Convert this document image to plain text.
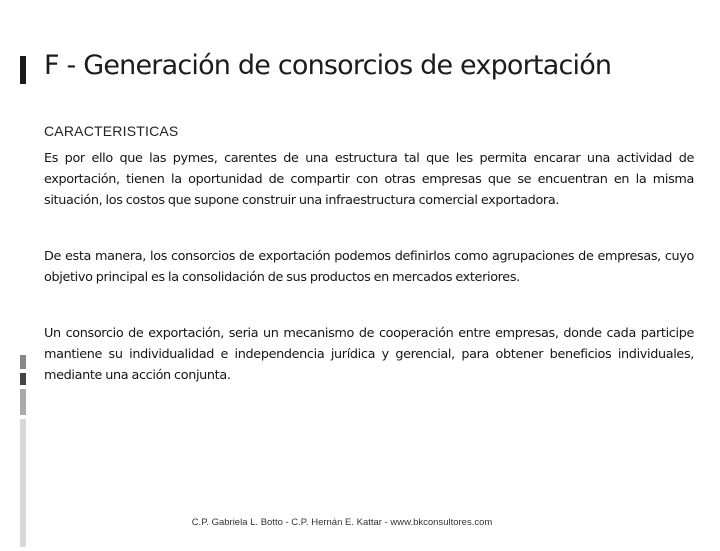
F - Generación de consorcios de exportación
CARACTERISTICAS

Es por ello que las pymes, carentes de una estructura tal que les permita encarar una actividad de exportación, tienen la oportunidad de compartir con otras empresas que se encuentran en la misma situación, los costos que supone construir una infraestructura comercial exportadora.

De esta manera, los consorcios de exportación podemos definirlos como agrupaciones de empresas, cuyo objetivo principal es la consolidación de sus productos en mercados exteriores.

Un consorcio de exportación, seria un mecanismo de cooperación entre empresas, donde cada participe mantiene su individualidad e independencia jurídica y gerencial, para obtener beneficios individuales, mediante una acción conjunta.

C.P. Gabriela L. Botto - C.P. Hernán E. Kattar - www.bkconsultores.com
